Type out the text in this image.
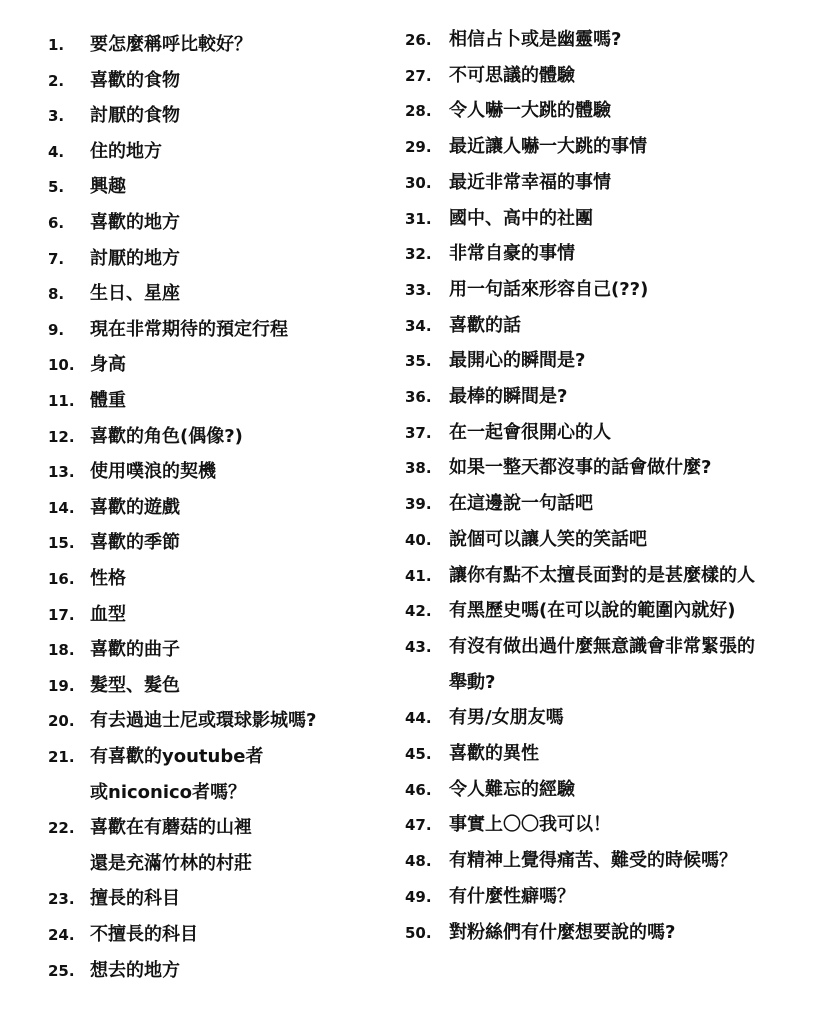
1. 要怎麼稱呼比較好？
2. 喜歡的食物
3. 討厭的食物
4. 住的地方
5. 興趣
6. 喜歡的地方
7. 討厭的地方
8. 生日、星座
9. 現在非常期待的預定行程
10. 身高
11. 體重
12. 喜歡的角色(偶像?)
13. 使用噗浪的契機
14. 喜歡的遊戲
15. 喜歡的季節
16. 性格
17. 血型
18. 喜歡的曲子
19. 髮型、髮色
20. 有去過迪士尼或環球影城嗎?
21. 有喜歡的youtube者
或niconico者嗎？
22. 喜歡在有蘑菇的山裡
還是充滿竹林的村莊
23. 擅長的科目
24. 不擅長的科目
25. 想去的地方
26. 相信占卜或是幽靈嗎?
27. 不可思議的體驗
28. 令人嚇一大跳的體驗
29. 最近讓人嚇一大跳的事情
30. 最近非常幸福的事情
31. 國中、高中的社團
32. 非常自豪的事情
33. 用一句話來形容自己(??)
34. 喜歡的話
35. 最開心的瞬間是?
36. 最棒的瞬間是?
37. 在一起會很開心的人
38. 如果一整天都沒事的話會做什麼?
39. 在這邊說一句話吧
40. 說個可以讓人笑的笑話吧
41. 讓你有點不太擅長面對的是甚麼樣的人
42. 有黑歷史嗎(在可以說的範圍內就好)
43. 有沒有做出過什麼無意識會非常緊張的
舉動?
44. 有男/女朋友嗎
45. 喜歡的異性
46. 令人難忘的經驗
47. 事實上〇〇我可以！
48. 有精神上覺得痛苦、難受的時候嗎？
49. 有什麼性癖嗎？
50. 對粉絲們有什麼想要說的嗎?
